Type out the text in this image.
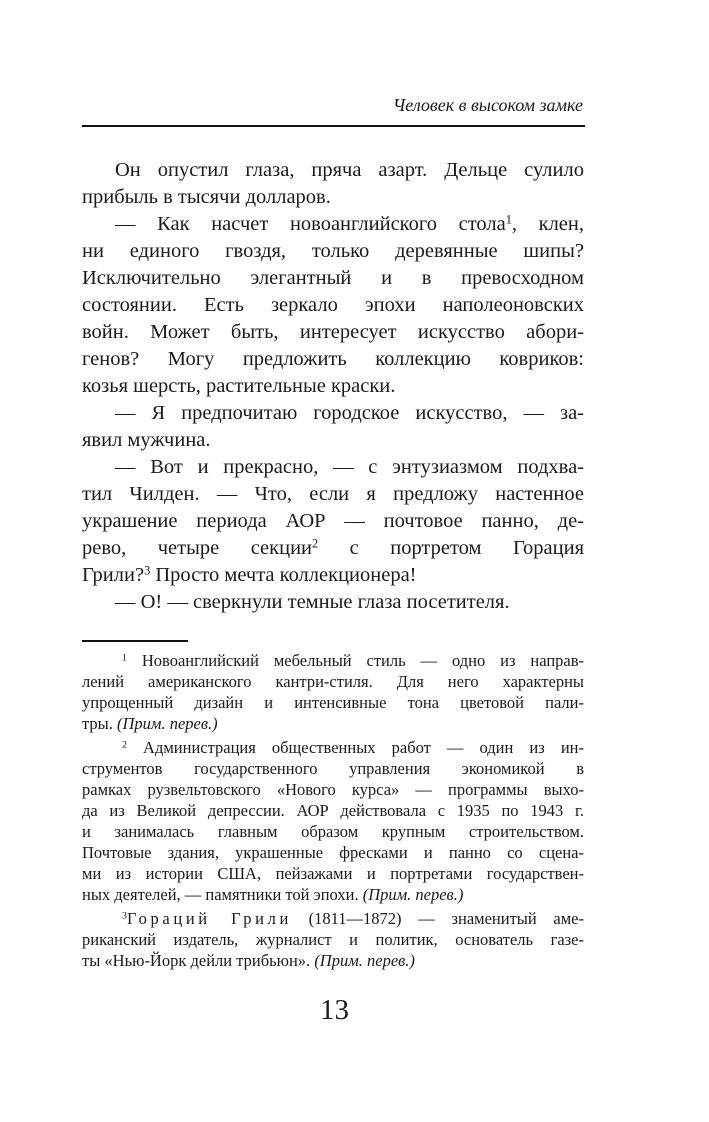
Человек в высоком замке
Он опустил глаза, пряча азарт. Дельце сулило
прибыль в тысячи долларов.
— Как насчет новоанглийского стола$^1$, клен,
ни единого гвоздя, только деревянные шипы?
Исключительно элегантный и в превосходном
состоянии. Есть зеркало эпохи наполеоновских
войн. Может быть, интересует искусство абори-
генов? Могу предложить коллекцию ковриков:
козья шерсть, растительные краски.
— Я предпочитаю городское искусство, — за-
явил мужчина.
— Вот и прекрасно, — с энтузиазмом подхва-
тил Чилден. — Что, если я предложу настенное
украшение периода АОР — почтовое панно, де-
рево, четыре секции$^2$ с портретом Горация
Грили?$^3$ Просто мечта коллекционера!
— О! — сверкнули темные глаза посетителя.
$^1$ Новоанглийский мебельный стиль — одно из направ-
лений американского кантри-стиля. Для него характерны
упрощенный дизайн и интенсивные тона цветовой пали-
тры. (Прим. перев.)
$^2$ Администрация общественных работ — один из ин-
струментов государственного управления экономикой в
рамках рузвельтовского «Нового курса» — программы выхо-
да из Великой депрессии. АОР действовала с 1935 по 1943 г.
и занималась главным образом крупным строительством.
Почтовые здания, украшенные фресками и панно со сцена-
ми из истории США, пейзажами и портретами государствен-
ных деятелей, — памятники той эпохи. (Прим. перев.)
$^3$Гораций Грили (1811—1872) — знаменитый аме-
риканский издатель, журналист и политик, основатель газе-
ты «Нью-Йорк дейли трибьюн». (Прим. перев.)
13
